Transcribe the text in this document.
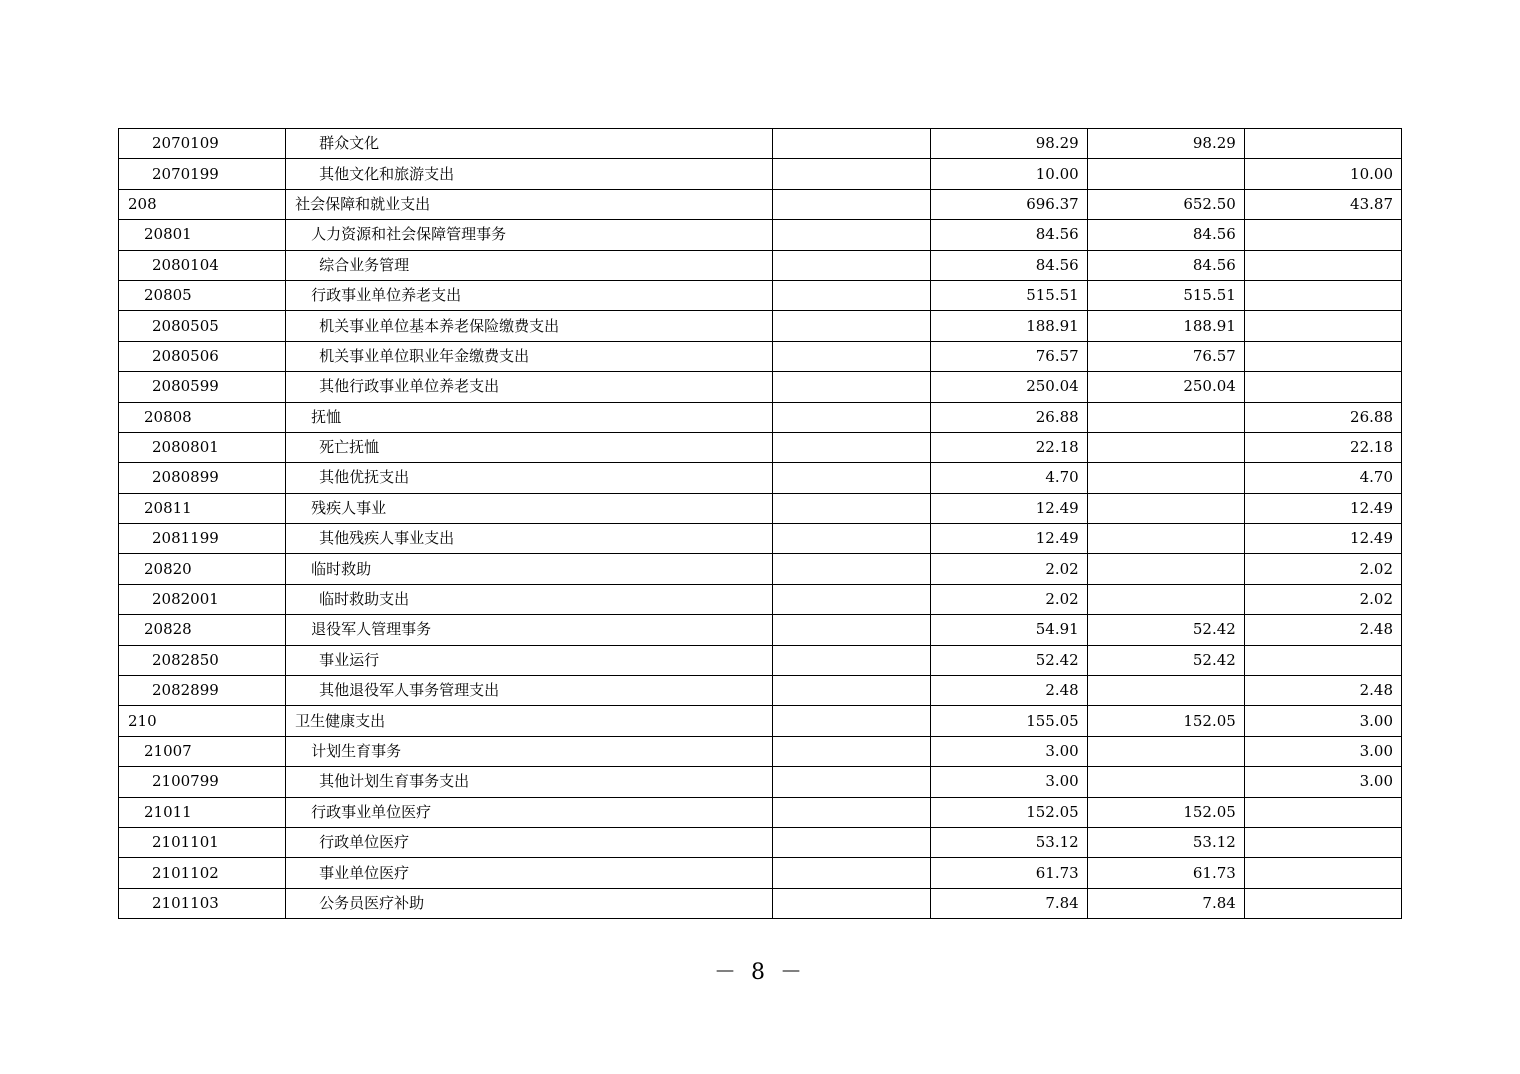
2070109	群众文化		98.29	98.29	
2070199	其他文化和旅游支出		10.00		10.00
208	社会保障和就业支出		696.37	652.50	43.87
20801	人力资源和社会保障管理事务		84.56	84.56	
2080104	综合业务管理		84.56	84.56	
20805	行政事业单位养老支出		515.51	515.51	
2080505	机关事业单位基本养老保险缴费支出		188.91	188.91	
2080506	机关事业单位职业年金缴费支出		76.57	76.57	
2080599	其他行政事业单位养老支出		250.04	250.04	
20808	抚恤		26.88		26.88
2080801	死亡抚恤		22.18		22.18
2080899	其他优抚支出		4.70		4.70
20811	残疾人事业		12.49		12.49
2081199	其他残疾人事业支出		12.49		12.49
20820	临时救助		2.02		2.02
2082001	临时救助支出		2.02		2.02
20828	退役军人管理事务		54.91	52.42	2.48
2082850	事业运行		52.42	52.42	
2082899	其他退役军人事务管理支出		2.48		2.48
210	卫生健康支出		155.05	152.05	3.00
21007	计划生育事务		3.00		3.00
2100799	其他计划生育事务支出		3.00		3.00
21011	行政事业单位医疗		152.05	152.05	
2101101	行政单位医疗		53.12	53.12	
2101102	事业单位医疗		61.73	61.73	
2101103	公务员医疗补助		7.84	7.84	
－ 8 －
